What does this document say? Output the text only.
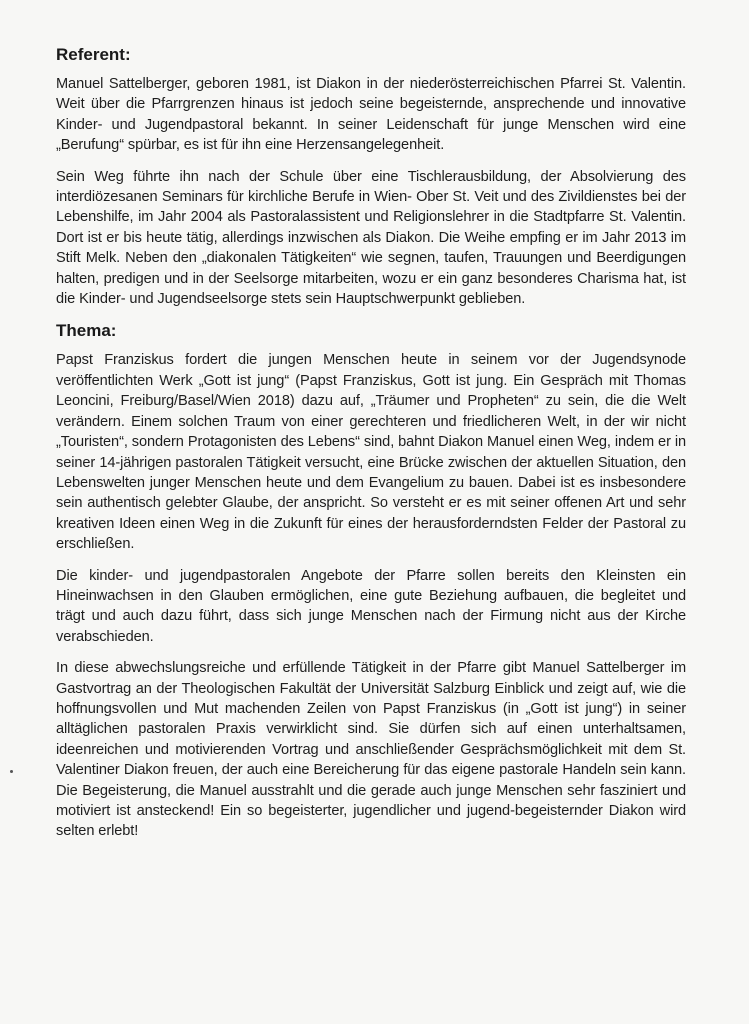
Referent:

Manuel Sattelberger, geboren 1981, ist Diakon in der niederösterreichischen Pfarrei St. Valentin. Weit über die Pfarrgrenzen hinaus ist jedoch seine begeisternde, ansprechende und innovative Kinder- und Jugendpastoral bekannt. In seiner Leidenschaft für junge Menschen wird eine „Berufung“ spürbar, es ist für ihn eine Herzensangelegenheit.

Sein Weg führte ihn nach der Schule über eine Tischlerausbildung, der Absolvierung des interdiözesanen Seminars für kirchliche Berufe in Wien- Ober St. Veit und des Zivildienstes bei der Lebenshilfe, im Jahr 2004 als Pastoralassistent und Religionslehrer in die Stadtpfarre St. Valentin. Dort ist er bis heute tätig, allerdings inzwischen als Diakon. Die Weihe empfing er im Jahr 2013 im Stift Melk. Neben den „diakonalen Tätigkeiten“ wie segnen, taufen, Trauungen und Beerdigungen halten, predigen und in der Seelsorge mitarbeiten, wozu er ein ganz besonderes Charisma hat, ist die Kinder- und Jugendseelsorge stets sein Hauptschwerpunkt geblieben.

Thema:

Papst Franziskus fordert die jungen Menschen heute in seinem vor der Jugendsynode veröffentlichten Werk „Gott ist jung“ (Papst Franziskus, Gott ist jung. Ein Gespräch mit Thomas Leoncini, Freiburg/Basel/Wien 2018) dazu auf, „Träumer und Propheten“ zu sein, die die Welt verändern. Einem solchen Traum von einer gerechteren und friedlicheren Welt, in der wir nicht „Touristen“, sondern Protagonisten des Lebens“ sind, bahnt Diakon Manuel einen Weg, indem er in seiner 14-jährigen pastoralen Tätigkeit versucht, eine Brücke zwischen der aktuellen Situation, den Lebenswelten junger Menschen heute und dem Evangelium zu bauen. Dabei ist es insbesondere sein authentisch gelebter Glaube, der anspricht. So versteht er es mit seiner offenen Art und sehr kreativen Ideen einen Weg in die Zukunft für eines der herausforderndsten Felder der Pastoral zu erschließen.

Die kinder- und jugendpastoralen Angebote der Pfarre sollen bereits den Kleinsten ein Hineinwachsen in den Glauben ermöglichen, eine gute Beziehung aufbauen, die begleitet und trägt und auch dazu führt, dass sich junge Menschen nach der Firmung nicht aus der Kirche verabschieden.

In diese abwechslungsreiche und erfüllende Tätigkeit in der Pfarre gibt Manuel Sattelberger im Gastvortrag an der Theologischen Fakultät der Universität Salzburg Einblick und zeigt auf, wie die hoffnungsvollen und Mut machenden Zeilen von Papst Franziskus (in „Gott ist jung“) in seiner alltäglichen pastoralen Praxis verwirklicht sind. Sie dürfen sich auf einen unterhaltsamen, ideenreichen und motivierenden Vortrag und anschließender Gesprächsmöglichkeit mit dem St. Valentiner Diakon freuen, der auch eine Bereicherung für das eigene pastorale Handeln sein kann. Die Begeisterung, die Manuel ausstrahlt und die gerade auch junge Menschen sehr fasziniert und motiviert ist ansteckend! Ein so begeisterter, jugendlicher und jugend-begeisternder Diakon wird selten erlebt!
